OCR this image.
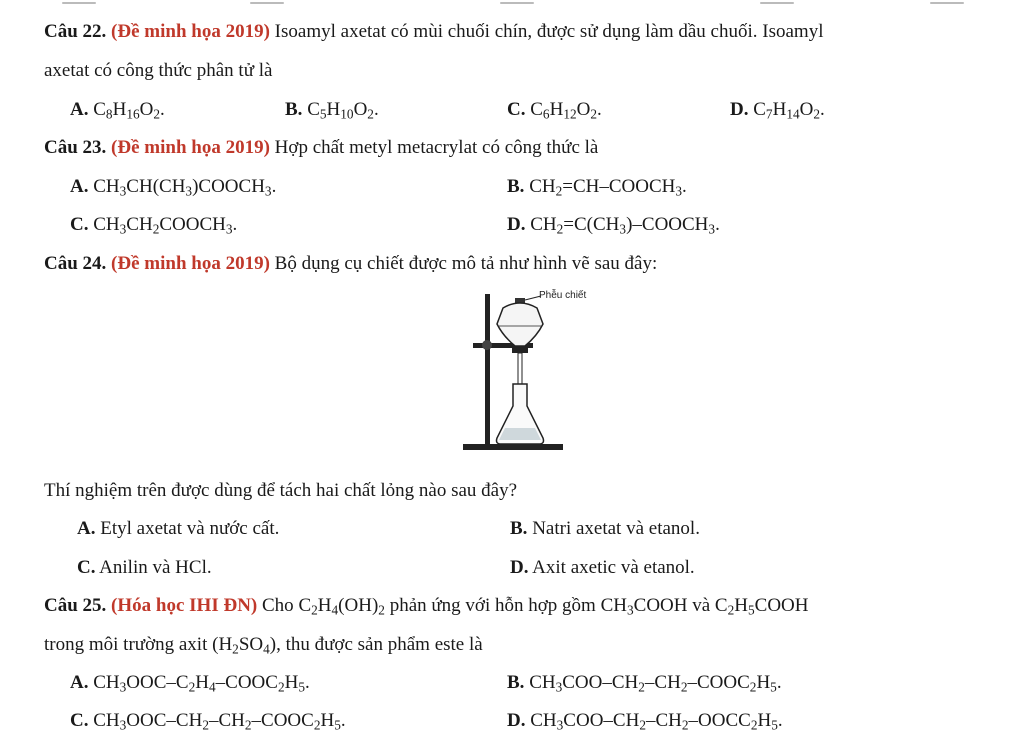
Câu 22. (Đề minh họa 2019) Isoamyl axetat có mùi chuối chín, được sử dụng làm dầu chuối. Isoamyl
axetat có công thức phân tử là
A. $C_8H_{16}O_2$.	B. $C_5H_{10}O_2$.	C. $C_6H_{12}O_2$.	D. $C_7H_{14}O_2$.
Câu 23. (Đề minh họa 2019) Hợp chất metyl metacrylat có công thức là
A. $CH_3CH(CH_3)COOCH_3$.	B. $CH_2=CH-COOCH_3$.
C. $CH_3CH_2COOCH_3$.	D. $CH_2=C(CH_3)-COOCH_3$.
Câu 24. (Đề minh họa 2019) Bộ dụng cụ chiết được mô tả như hình vẽ sau đây:
Phễu chiết
Thí nghiệm trên được dùng để tách hai chất lỏng nào sau đây?
A. Etyl axetat và nước cất.	B. Natri axetat và etanol.
C. Anilin và HCl.	D. Axit axetic và etanol.
Câu 25. (Hóa học IHI ĐN) Cho $C_2H_4(OH)_2$ phản ứng với hỗn hợp gồm $CH_3COOH$ và $C_2H_5COOH$
trong môi trường axit $(H_2SO_4)$, thu được sản phẩm este là
A. $CH_3OOC-C_2H_4-COOC_2H_5$.	B. $CH_3COO-CH_2-CH_2-COOC_2H_5$.
C. $CH_3OOC-CH_2-CH_2-COOC_2H_5$.	D. $CH_3COO-CH_2-CH_2-OOCC_2H_5$.
